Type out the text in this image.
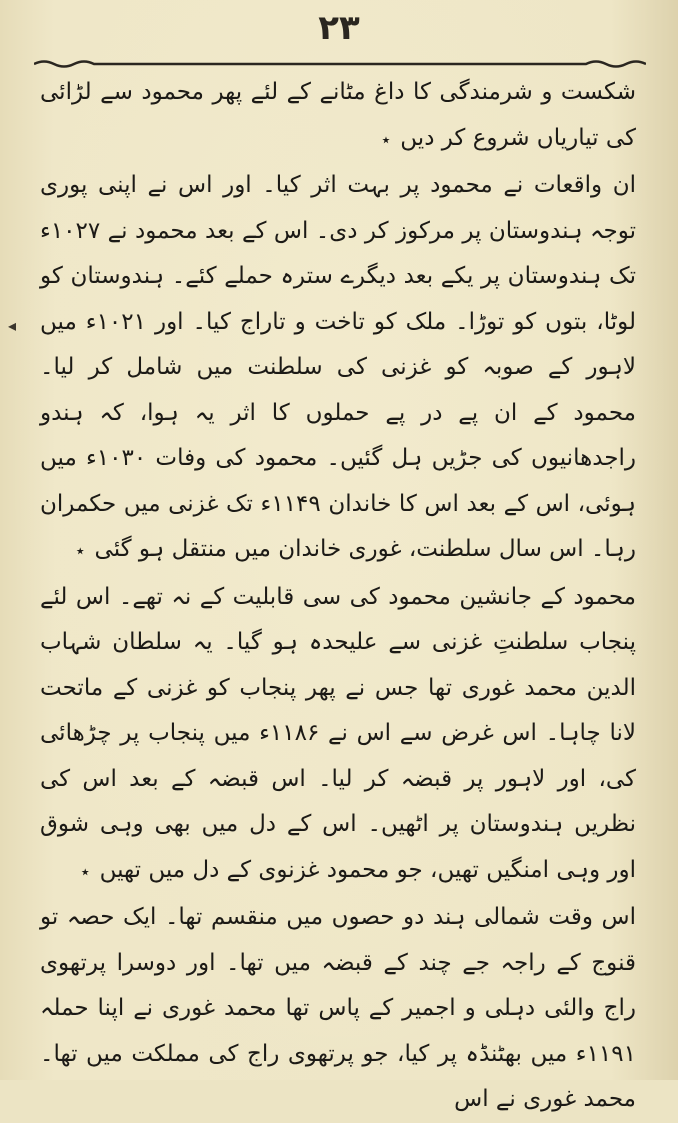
۲۳
◂

شکست و شرمندگی کا داغ مٹانے کے لئے پھر محمود سے لڑائی کی تیاریاں شروع کر دیں٭

ان واقعات نے محمود پر بہت اثر کیا۔ اور اس نے اپنی پوری توجہ ہندوستان پر مرکوز کر دی۔ اس کے بعد محمود نے ۱۰۲۷ء تک ہندوستان پر یکے بعد دیگرے سترہ حملے کئے۔ ہندوستان کو لوٹا، بتوں کو توڑا۔ ملک کو تاخت و تاراج کیا۔ اور ۱۰۲۱ء میں لاہور کے صوبہ کو غزنی کی سلطنت میں شامل کر لیا۔ محمود کے ان پے در پے حملوں کا اثر یہ ہوا، کہ ہندو راجدھانیوں کی جڑیں ہل گئیں۔ محمود کی وفات ۱۰۳۰ء میں ہوئی، اس کے بعد اس کا خاندان ۱۱۴۹ء تک غزنی میں حکمران رہا۔ اس سال سلطنت، غوری خاندان میں منتقل ہو گئی٭

محمود کے جانشین محمود کی سی قابلیت کے نہ تھے۔ اس لئے پنجاب سلطنتِ غزنی سے علیحدہ ہو گیا۔ یہ سلطان شہاب الدین محمد غوری تھا جس نے پھر پنجاب کو غزنی کے ماتحت لانا چاہا۔ اس غرض سے اس نے ۱۱۸۶ء میں پنجاب پر چڑھائی کی، اور لاہور پر قبضہ کر لیا۔ اس قبضہ کے بعد اس کی نظریں ہندوستان پر اٹھیں۔ اس کے دل میں بھی وہی شوق اور وہی امنگیں تھیں، جو محمود غزنوی کے دل میں تھیں٭

اس وقت شمالی ہند دو حصوں میں منقسم تھا۔ ایک حصہ تو قنوج کے راجہ جے چند کے قبضہ میں تھا۔ اور دوسرا پرتھوی راج والئی دہلی و اجمیر کے پاس تھا محمد غوری نے اپنا حملہ ۱۱۹۱ء میں بھٹنڈہ پر کیا، جو پرتھوی راج کی مملکت میں تھا۔ محمد غوری نے اس
